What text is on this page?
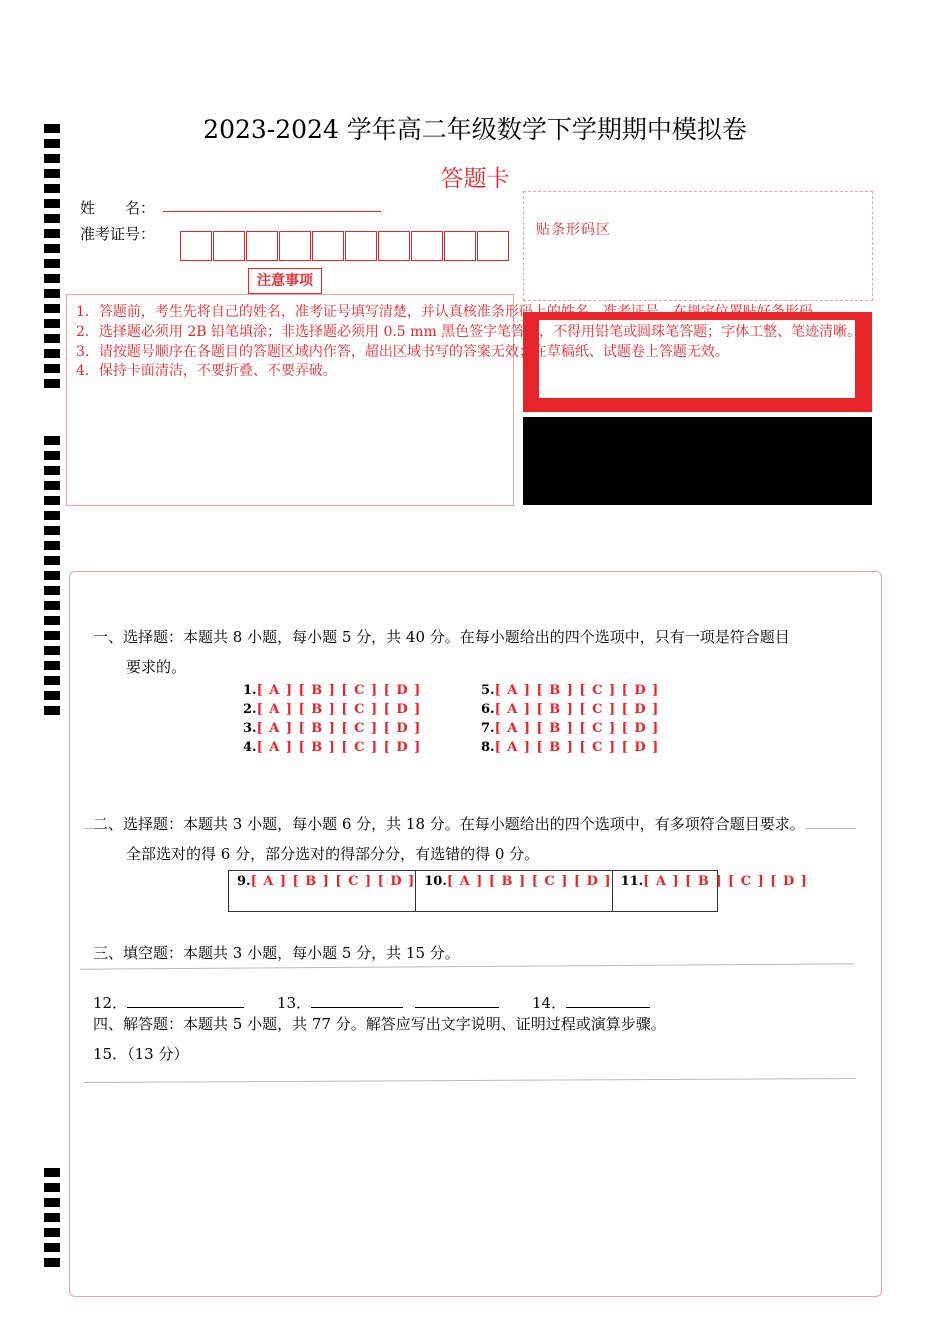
2023-2024 学年高二年级数学下学期期中模拟卷
答题卡
姓　　名：
准考证号：
注意事项
贴条形码区
1．答题前，考生先将自己的姓名，准考证号填写清楚，并认真核准条形码上的姓名、准考证号，在规定位置贴好条形码。
2．选择题必须用 2B 铅笔填涂；非选择题必须用 0.5 mm 黑色签字笔答题，不得用铅笔或圆珠笔答题；字体工整、笔迹清晰。
3．请按题号顺序在各题目的答题区域内作答，超出区域书写的答案无效；在草稿纸、试题卷上答题无效。
4．保持卡面清洁，不要折叠、不要弄破。
一、选择题：本题共 8 小题，每小题 5 分，共 40 分。在每小题给出的四个选项中，只有一项是符合题目
要求的。
1.[ A ] [ B ] [ C ] [ D ]
2.[ A ] [ B ] [ C ] [ D ]
3.[ A ] [ B ] [ C ] [ D ]
4.[ A ] [ B ] [ C ] [ D ]
5.[ A ] [ B ] [ C ] [ D ]
6.[ A ] [ B ] [ C ] [ D ]
7.[ A ] [ B ] [ C ] [ D ]
8.[ A ] [ B ] [ C ] [ D ]
二、选择题：本题共 3 小题，每小题 6 分，共 18 分。在每小题给出的四个选项中，有多项符合题目要求。
全部选对的得 6 分，部分选对的得部分分，有选错的得 0 分。
9.[ A ] [ B ] [ C ] [ D ] 10.[ A ] [ B ] [ C ] [ D ] 11.[ A ] [ B ] [ C ] [ D ]
三、填空题：本题共 3 小题，每小题 5 分，共 15 分。
12．	13．	14．
四、解答题：本题共 5 小题，共 77 分。解答应写出文字说明、证明过程或演算步骤。
15．（13 分）
